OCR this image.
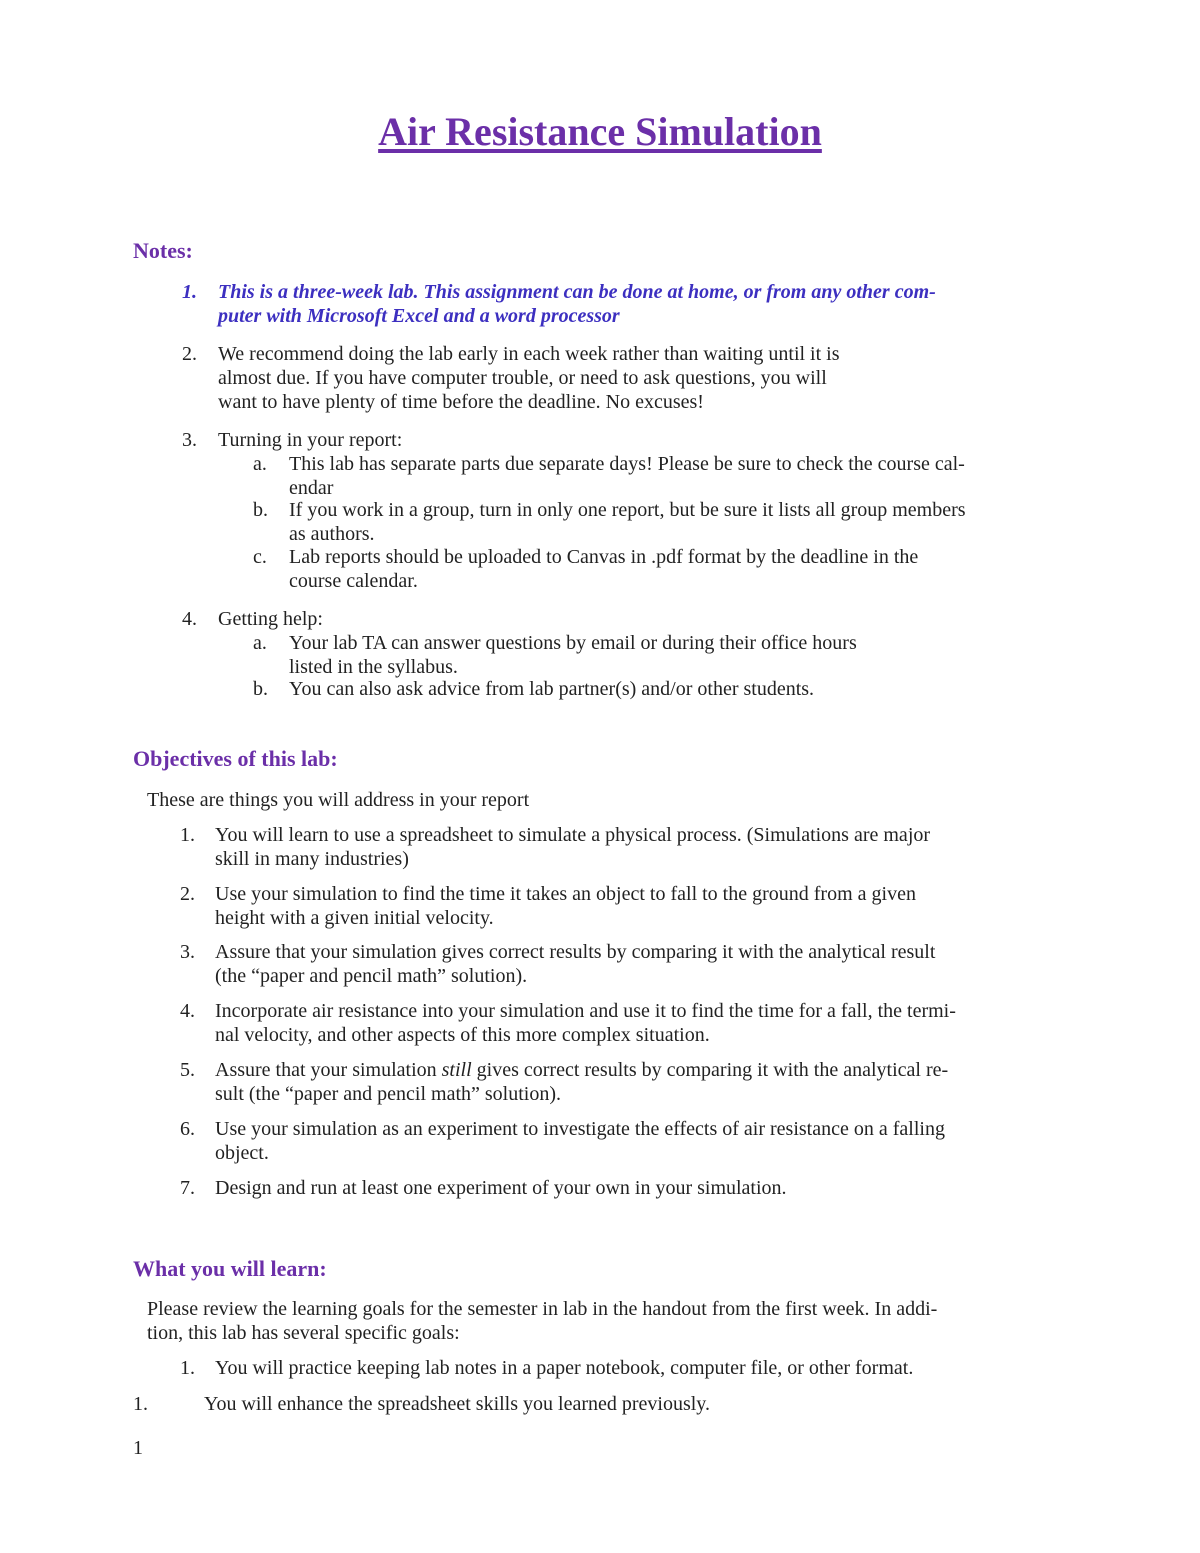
Air Resistance Simulation
Notes:
1.	This is a three-week lab. This assignment can be done at home, or from any other com-
puter with Microsoft Excel and a word processor
2.	We recommend doing the lab early in each week rather than waiting until it is
almost due. If you have computer trouble, or need to ask questions, you will
want to have plenty of time before the deadline. No excuses!
3.	Turning in your report:
a.	This lab has separate parts due separate days! Please be sure to check the course cal-
endar
b.	If you work in a group, turn in only one report, but be sure it lists all group members
as authors.
c.	Lab reports should be uploaded to Canvas in .pdf format by the deadline in the
course calendar.
4.	Getting help:
a.	Your lab TA can answer questions by email or during their office hours
listed in the syllabus.
b.	You can also ask advice from lab partner(s) and/or other students.
Objectives of this lab:
These are things you will address in your report
1.	You will learn to use a spreadsheet to simulate a physical process. (Simulations are major
skill in many industries)
2.	Use your simulation to find the time it takes an object to fall to the ground from a given
height with a given initial velocity.
3.	Assure that your simulation gives correct results by comparing it with the analytical result
(the “paper and pencil math” solution).
4.	Incorporate air resistance into your simulation and use it to find the time for a fall, the termi-
nal velocity, and other aspects of this more complex situation.
5.	Assure that your simulation still gives correct results by comparing it with the analytical re-
sult (the “paper and pencil math” solution).
6.	Use your simulation as an experiment to investigate the effects of air resistance on a falling
object.
7.	Design and run at least one experiment of your own in your simulation.
What you will learn:
Please review the learning goals for the semester in lab in the handout from the first week. In addi-
tion, this lab has several specific goals:
1.	You will practice keeping lab notes in a paper notebook, computer file, or other format.
1.	You will enhance the spreadsheet skills you learned previously.
1
